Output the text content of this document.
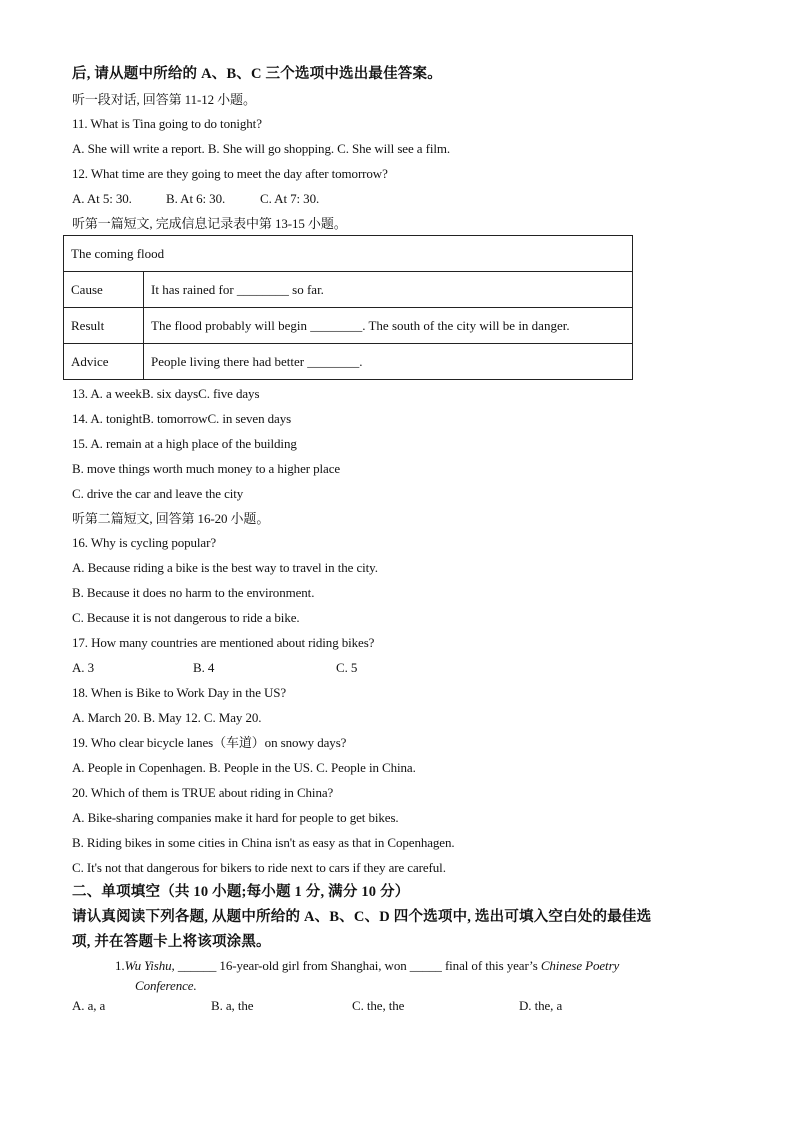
后, 请从题中所给的 A、B、C 三个选项中选出最佳答案。
听一段对话, 回答第 11-12 小题。
11. What is Tina going to do tonight?
A. She will write a report. B. She will go shopping. C. She will see a film.
12. What time are they going to meet the day after tomorrow?
A. At 5: 30.	B. At 6: 30.	C. At 7: 30.
听第一篇短文, 完成信息记录表中第 13-15 小题。
The coming flood	
Cause	It has rained for ________ so far.
Result	The flood probably will begin ________. The south of the city will be in danger.
Advice	People living there had better ________.
13. A. a weekB. six daysC. five days
14. A. tonightB. tomorrowC. in seven days
15. A. remain at a high place of the building
B. move things worth much money to a higher place
C. drive the car and leave the city
听第二篇短文, 回答第 16-20 小题。
16. Why is cycling popular?
A. Because riding a bike is the best way to travel in the city.
B. Because it does no harm to the environment.
C. Because it is not dangerous to ride a bike.
17. How many countries are mentioned about riding bikes?
A. 3	B. 4	C. 5
18. When is Bike to Work Day in the US?
A. March 20. B. May 12. C. May 20.
19. Who clear bicycle lanes（车道）on snowy days?
A. People in Copenhagen. B. People in the US. C. People in China.
20. Which of them is TRUE about riding in China?
A. Bike-sharing companies make it hard for people to get bikes.
B. Riding bikes in some cities in China isn't as easy as that in Copenhagen.
C. It's not that dangerous for bikers to ride next to cars if they are careful.
二、单项填空（共 10 小题;每小题 1 分, 满分 10 分）
请认真阅读下列各题, 从题中所给的 A、B、C、D 四个选项中, 选出可填入空白处的最佳选
项, 并在答题卡上将该项涂黑。
1.Wu Yishu, ______ 16-year-old girl from Shanghai, won _____ final of this year’s Chinese Poetry
Conference.
A. a, a	B. a, the	C. the, the	D. the, a
